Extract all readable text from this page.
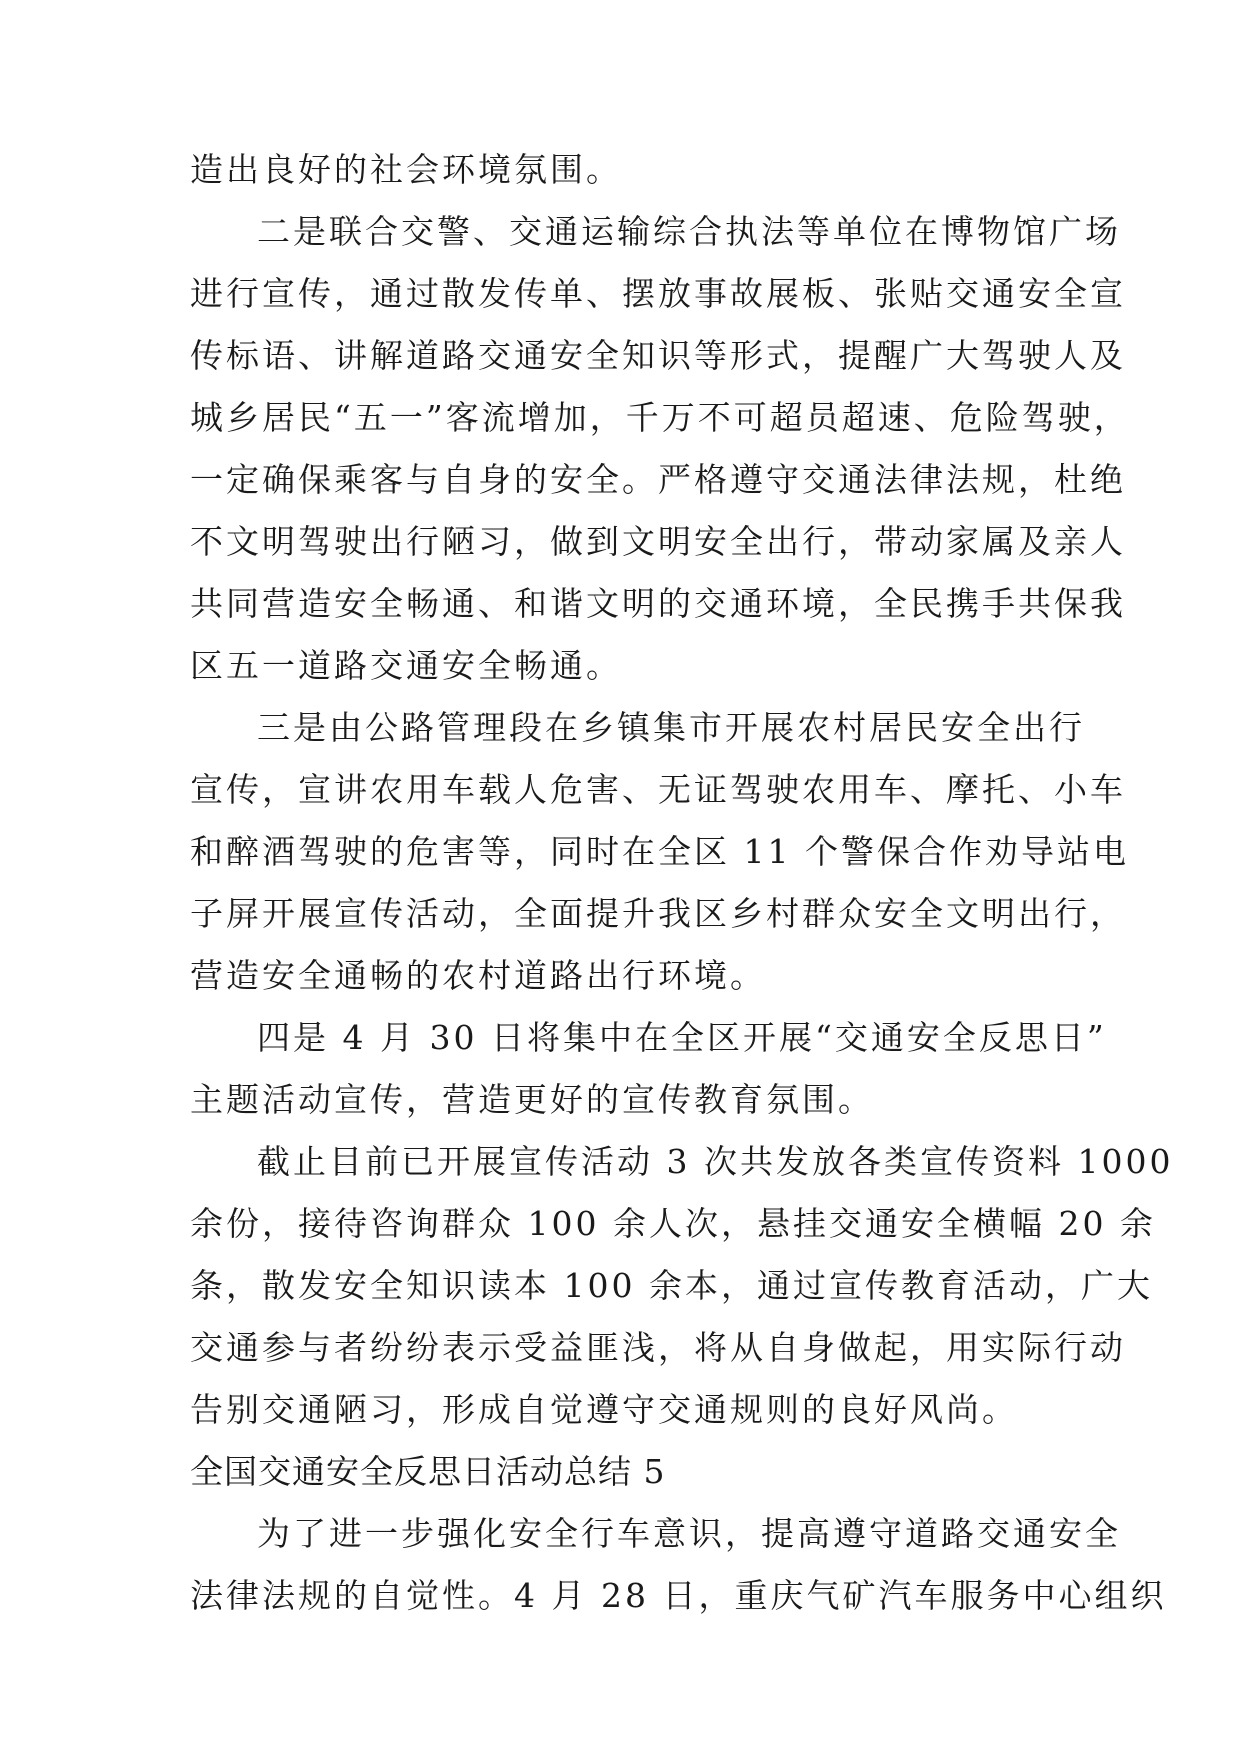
造出良好的社会环境氛围。
二是联合交警、交通运输综合执法等单位在博物馆广场
进行宣传，通过散发传单、摆放事故展板、张贴交通安全宣
传标语、讲解道路交通安全知识等形式，提醒广大驾驶人及
城乡居民“五一”客流增加，千万不可超员超速、危险驾驶，
一定确保乘客与自身的安全。严格遵守交通法律法规，杜绝
不文明驾驶出行陋习，做到文明安全出行，带动家属及亲人
共同营造安全畅通、和谐文明的交通环境，全民携手共保我
区五一道路交通安全畅通。
三是由公路管理段在乡镇集市开展农村居民安全出行
宣传，宣讲农用车载人危害、无证驾驶农用车、摩托、小车
和醉酒驾驶的危害等，同时在全区 11 个警保合作劝导站电
子屏开展宣传活动，全面提升我区乡村群众安全文明出行，
营造安全通畅的农村道路出行环境。
四是 4 月 30 日将集中在全区开展“交通安全反思日”
主题活动宣传，营造更好的宣传教育氛围。
截止目前已开展宣传活动 3 次共发放各类宣传资料 1000
余份，接待咨询群众 100 余人次，悬挂交通安全横幅 20 余
条，散发安全知识读本 100 余本，通过宣传教育活动，广大
交通参与者纷纷表示受益匪浅，将从自身做起，用实际行动
告别交通陋习，形成自觉遵守交通规则的良好风尚。
全国交通安全反思日活动总结 5
为了进一步强化安全行车意识，提高遵守道路交通安全
法律法规的自觉性。4 月 28 日，重庆气矿汽车服务中心组织
